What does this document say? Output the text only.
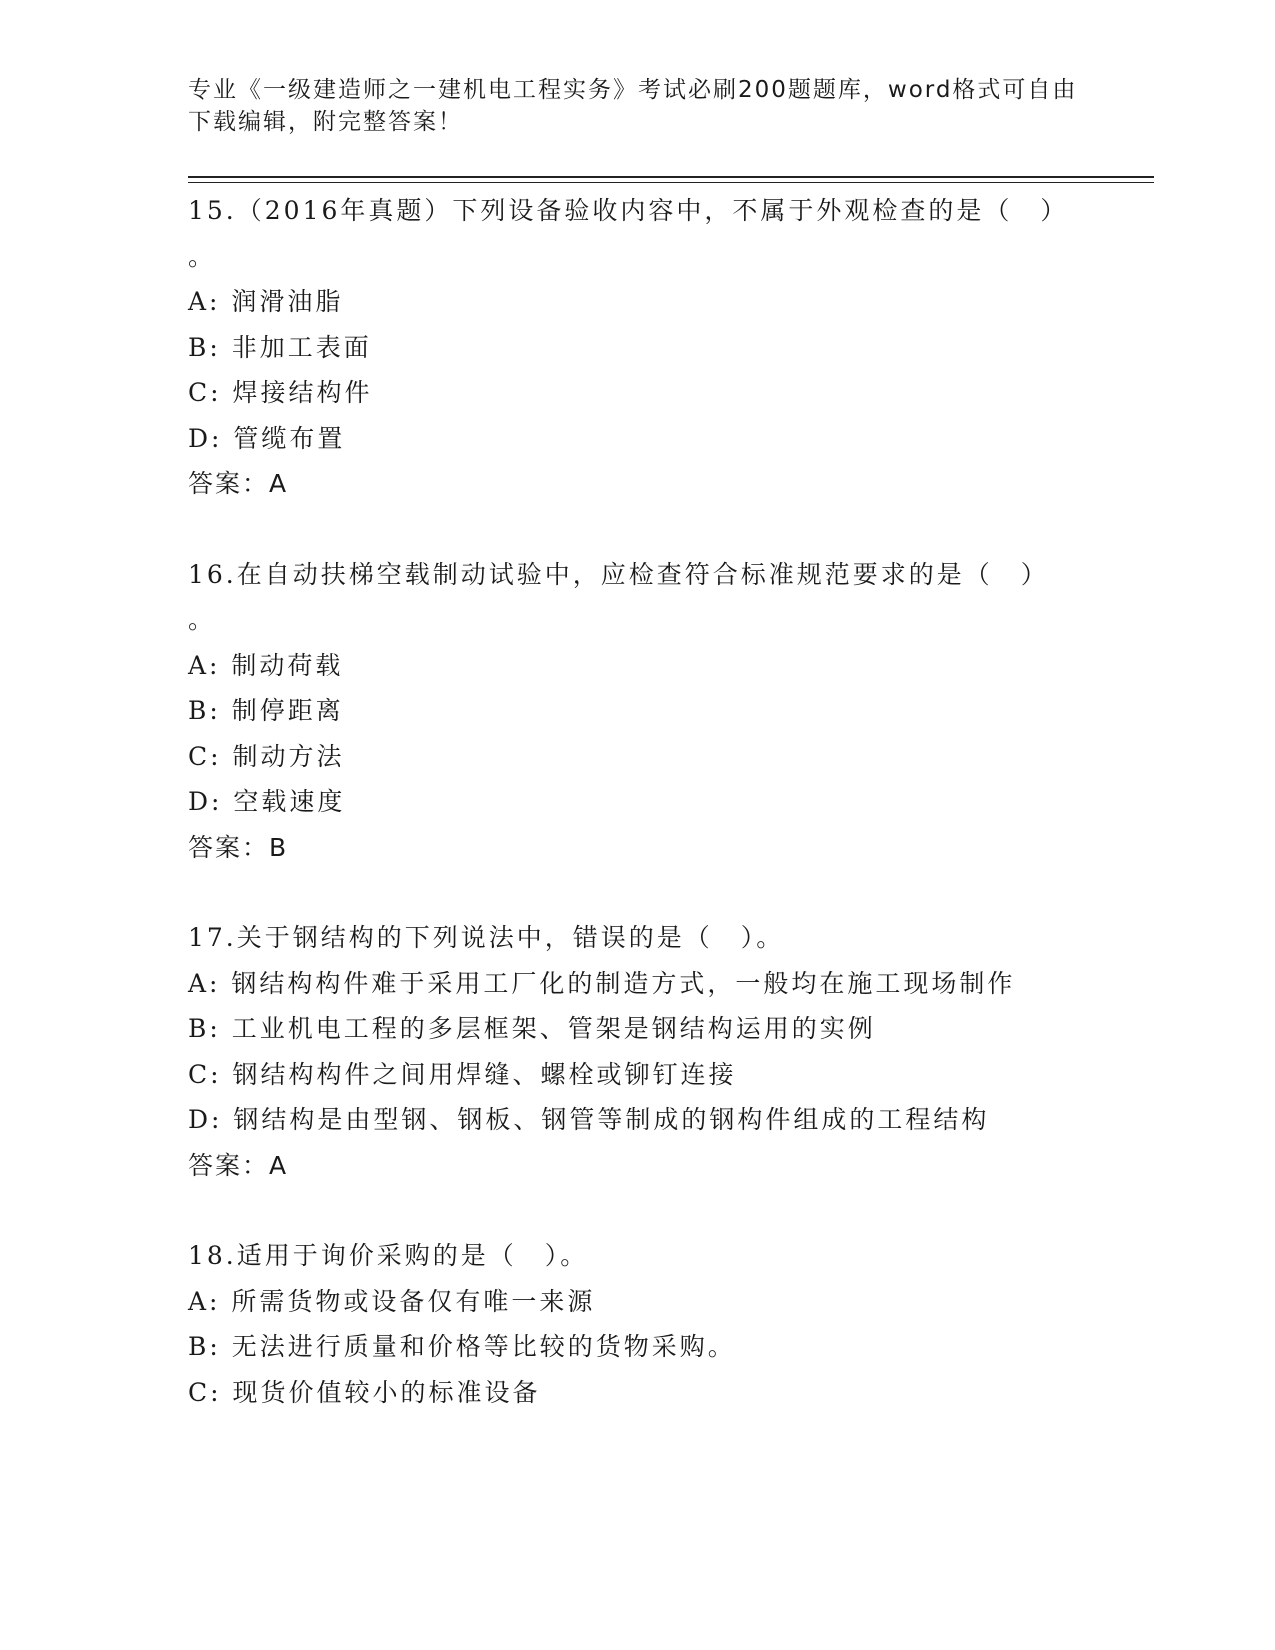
专业《一级建造师之一建机电工程实务》考试必刷200题题库，word格式可自由
下载编辑，附完整答案！
15.（2016年真题）下列设备验收内容中，不属于外观检查的是（　）
。
A: 润滑油脂
B: 非加工表面
C: 焊接结构件
D: 管缆布置
答案：A
16.在自动扶梯空载制动试验中，应检查符合标准规范要求的是（　）
。
A: 制动荷载
B: 制停距离
C: 制动方法
D: 空载速度
答案：B
17.关于钢结构的下列说法中，错误的是（　）。
A: 钢结构构件难于采用工厂化的制造方式，一般均在施工现场制作
B: 工业机电工程的多层框架、管架是钢结构运用的实例
C: 钢结构构件之间用焊缝、螺栓或铆钉连接
D: 钢结构是由型钢、钢板、钢管等制成的钢构件组成的工程结构
答案：A
18.适用于询价采购的是（　）。
A: 所需货物或设备仅有唯一来源
B: 无法进行质量和价格等比较的货物采购。
C: 现货价值较小的标准设备
